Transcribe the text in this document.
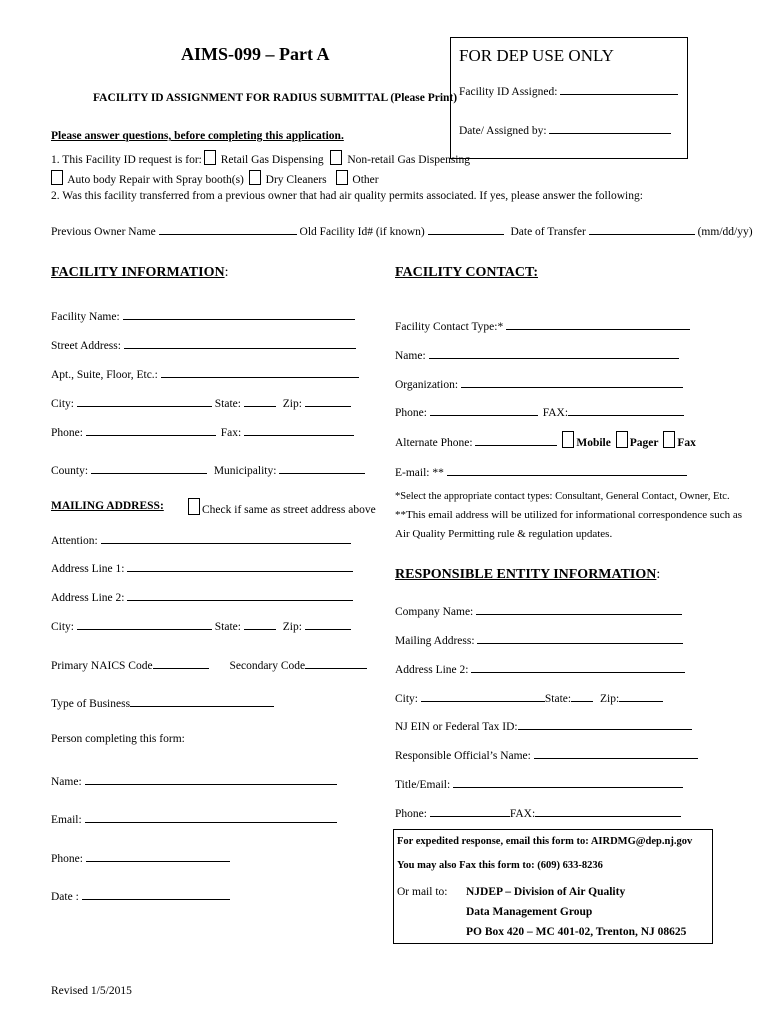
AIMS-099 – Part A
FACILITY ID ASSIGNMENT FOR RADIUS SUBMITTAL (Please Print)
Please answer questions, before completing this application.
FOR DEP USE ONLY
Facility ID Assigned:
Date/ Assigned by:
1. This Facility ID request is for: Retail Gas Dispensing Non-retail Gas Dispensing
Auto body Repair with Spray booth(s) Dry Cleaners Other
2. Was this facility transferred from a previous owner that had air quality permits associated. If yes, please answer the following:
Previous Owner Name	Old Facility Id# (if known)	Date of Transfer	(mm/dd/yy)
FACILITY INFORMATION:
Facility Name:
Street Address:
Apt., Suite, Floor, Etc.:
City:	State:	Zip:
Phone:	Fax:
County:	Municipality:
MAILING ADDRESS:	Check if same as street address above
Attention:
Address Line 1:
Address Line 2:
City:	State:	Zip:
Primary NAICS Code	Secondary Code
Type of Business
Person completing this form:
Name:
Email:
Phone:
Date :
FACILITY CONTACT:
Facility Contact Type:*
Name:
Organization:
Phone:	FAX:
Alternate Phone:	Mobile Pager Fax
E-mail: **
*Select the appropriate contact types: Consultant, General Contact, Owner, Etc.
**This email address will be utilized for informational correspondence such as
Air Quality Permitting rule & regulation updates.
RESPONSIBLE ENTITY INFORMATION:
Company Name:
Mailing Address:
Address Line 2:
City:	State:	Zip:
NJ EIN or Federal Tax ID:
Responsible Official’s Name:
Title/Email:
Phone:	FAX:
For expedited response, email this form to: AIRDMG@dep.nj.gov
You may also Fax this form to: (609) 633-8236
Or mail to: NJDEP – Division of Air Quality
Data Management Group
PO Box 420 – MC 401-02, Trenton, NJ 08625
Revised 1/5/2015
